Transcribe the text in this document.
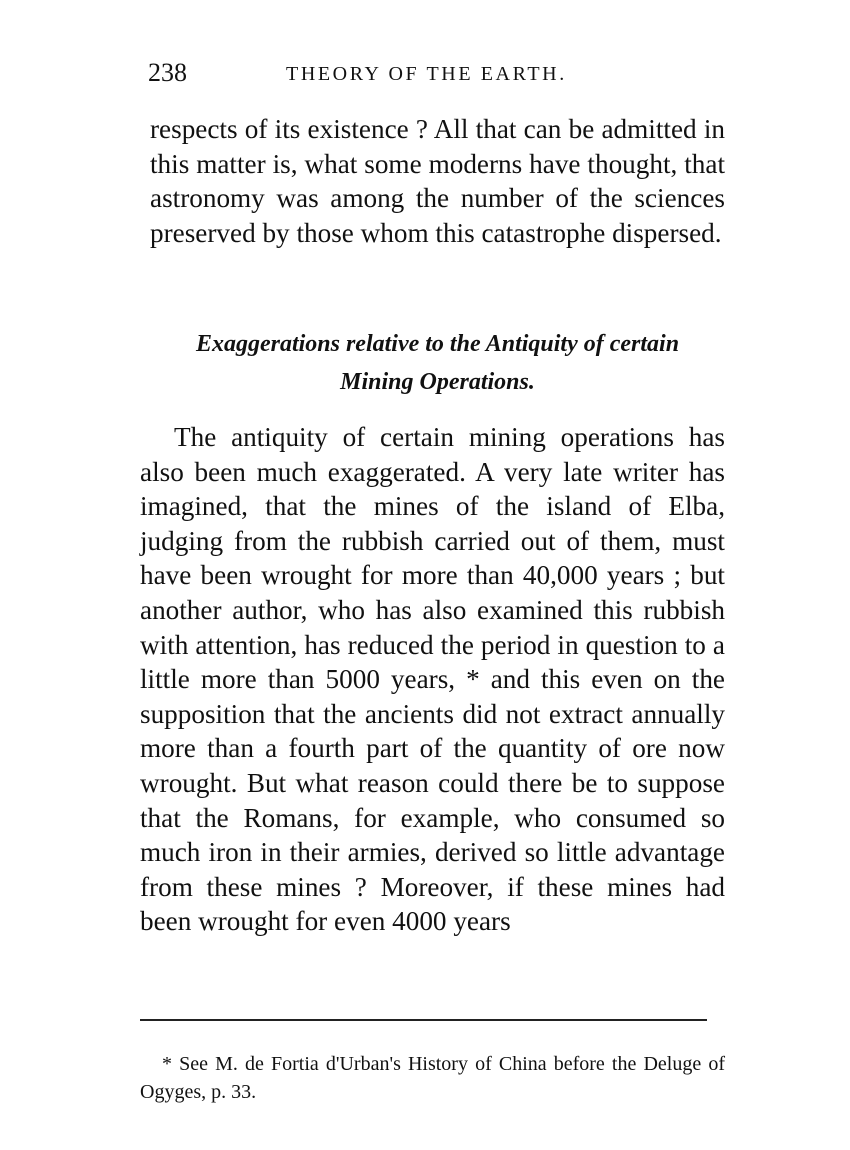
238	THEORY OF THE EARTH.

respects of its existence ? All that can be admitted in this matter is, what some moderns have thought, that astronomy was among the number of the sciences preserved by those whom this catastrophe dispersed.

Exaggerations relative to the Antiquity of certain
Mining Operations.

The antiquity of certain mining operations has also been much exaggerated. A very late writer has imagined, that the mines of the island of Elba, judging from the rubbish carried out of them, must have been wrought for more than 40,000 years ; but another author, who has also examined this rubbish with attention, has reduced the period in question to a little more than 5000 years, * and this even on the supposition that the ancients did not extract annually more than a fourth part of the quantity of ore now wrought. But what reason could there be to suppose that the Romans, for example, who consumed so much iron in their armies, derived so little advantage from these mines ? Moreover, if these mines had been wrought for even 4000 years

* See M. de Fortia d'Urban's History of China before the Deluge of Ogyges, p. 33.
